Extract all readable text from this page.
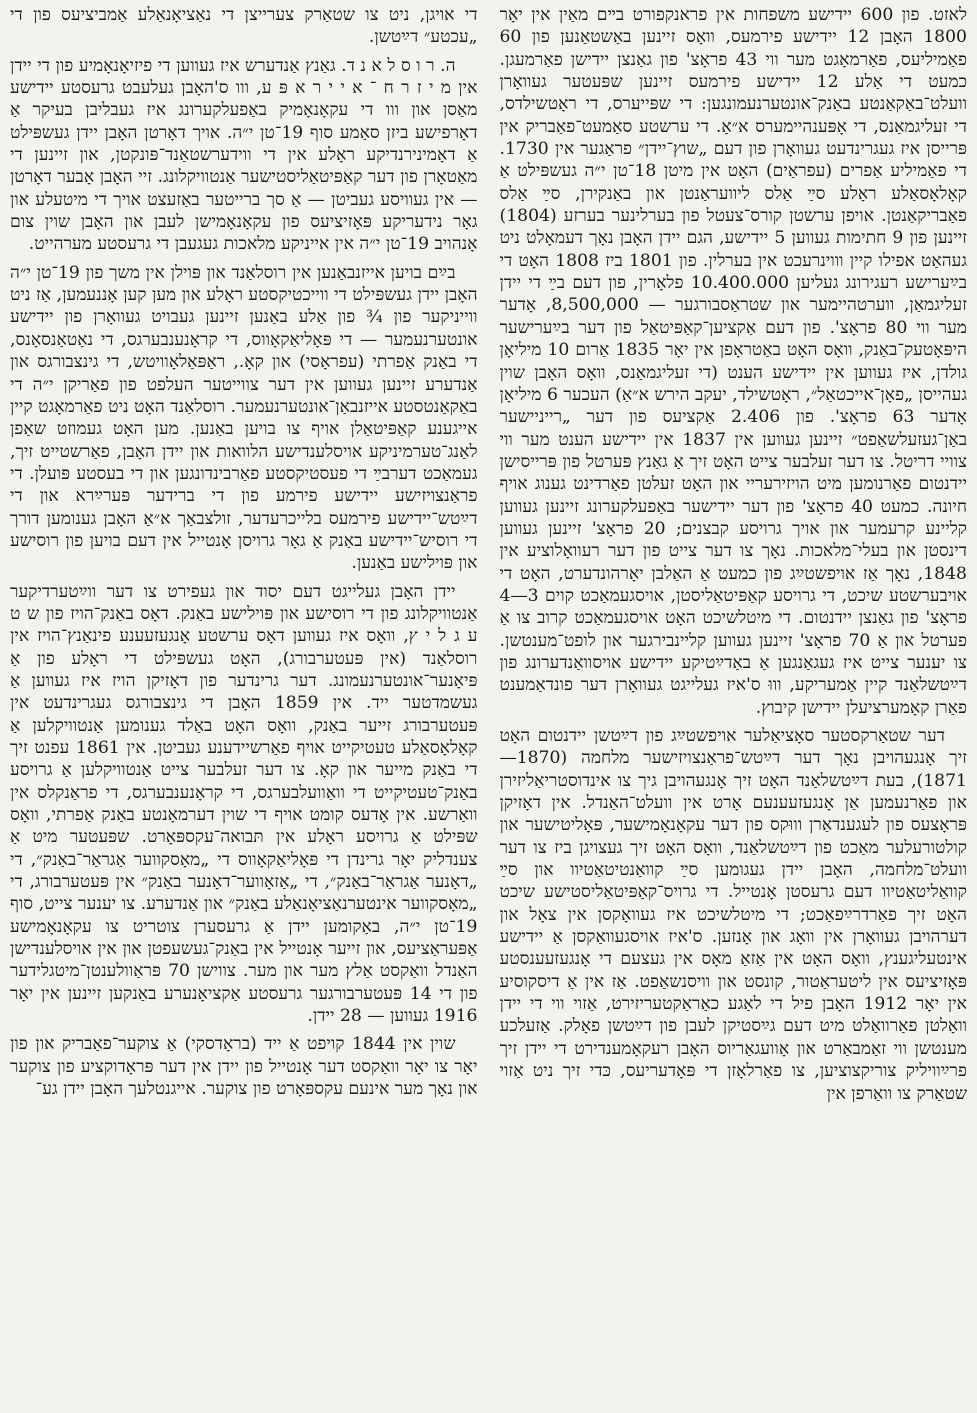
לאזט. פון 600 יידישע משפחות אין פראנקפורט בײם מאַין אין יאָר 1800 האָבן 12 יידישע פירמעס, וואָס זיינען באַשטאַנען פון 60 פאַמיליעס, פאַרמאָגט מער ווי 43 פראָצ' פון גאַנצן יידישן פאַרמעגן. כמעט די אַלע 12 יידישע פירמעס זיינען שפּעטער געוואָרן וועלט־באַקאַנטע באַנק־אונטערנעמונגען: די שפּייערס, די ראָטשילדס, די זעליגמאַנס, די אָפּענהיימערס א״אַ. די ערשטע סאַמעט־פאַבריק אין פּרייסן איז געגרינדעט געוואָרן פון דעם „שוץ־יידן״ פראַגער אין 1730. די פאַמיליע אַפרים (עפראַים) האָט אין מיטן 18־טן י״ה געשפּילט אַ קאָלאָסאַלע ראָלע סײַ אַלס ליוועראַנטן און באַנקירן, סײַ אַלס פאַבריקאַנטן. אויפן ערשטן קורס־צעטל פון בערלינער בערזע (1804) זיינען פון 9 חתימות געווען 5 יידישע, הגם יידן האָבן נאָך דעמאָלט ניט געהאַט אפילו קיין וווינרעכט אין בערלין. פון 1801 ביז 1808 האָט די בײַערישע רעגירונג געליען 10.400.000 פלאָרין, פון דעם בײַ די יידן זעליגמאַן, ווערטהיימער און שטראַסבורגער — 8,500,000, אָדער מער ווי 80 פראָצ'. פון דעם אַקציען־קאַפּיטאַל פון דער בײַערישער היפּאָטעק־באַנק, וואָס האָט באַטראָפן אין יאָר 1835 אַרום 10 מיליאָן גולדן, איז געווען אין יידישע הענט (די זעליגמאַנס, וואָס האָבן שוין געהייסן „פאָן־אייכטאַל״, ראָטשילד, יעקב הירש א״אַ) העכער 6 מיליאָן אָדער 63 פראָצ'. פון 2.406 אַקציעס פון דער „רייניישער באַן־געזעלשאַפט״ זיינען געווען אין 1837 אין יידישע הענט מער ווי צוויי דריטל. צו דער זעלבער צייט האָט זיך אַ גאַנץ פּערטל פון פּרייסישן יידנטום פאַרנומען מיט הויזירעריי און האָט זעלטן פאַרדינט גענוג אויף חיונה. כמעט 40 פראָצ' פון דער יידישער באַפעלקערונג זיינען געווען קליינע קרעמער און אויך גרויסע קבצנים; 20 פראָצ' זיינען געווען דינסטן און בעלי־מלאכות. נאָך צו דער צייט פון דער רעוואָלוציע אין 1848, נאָך אַז אויפשטײַג פון כמעט אַ האַלבן יאָרהונדערט, האָט די אויבערשטע שיכט, די גרויסע קאַפּיטאַליסטן, אויסגעמאַכט קוים 3—4 פראָצ' פון גאַנצן יידנטום. די מיטלשיכט האָט אויסגעמאַכט קרוב צו אַ פערטל און אַ 70 פראָצ' זיינען געווען קליינבירגער און לופט־מענטשן. צו יענער צייט איז געגאַנגען אַ באַדײַטיקע יידישע אויסוואַנדערונג פון דײַטשלאַנד קיין אַמעריקע, וווּ ס'איז געלייגט געוואָרן דער פונדאַמענט פאַרן קאָמערציעלן יידישן קיבוץ.

דער שטאַרקסטער סאָציאַלער אויפשטײַג פון דײַטשן יידנטום האָט זיך אָנגעהויבן נאָך דער דײַטש־פראַנצויזישער מלחמה (1870—1871), בעת דײַטשלאַנד האָט זיך אָנגעהויבן גיך צו אינדוסטריאַליזירן און פאַרנעמען אַן אָנגעזעענעם אָרט אין וועלט־האַנדל. אין דאָזיקן פּראָצעס פון לעגענדאַרן וווּקס פון דער עקאָנאָמישער, פּאָליטישער און קולטורעלער מאַכט פון דײַטשלאַנד, וואָס האָט זיך געצויגן ביז צו דער וועלט־מלחמה, האָבן יידן געגומען סײַ קוואַנטיטאַטיוו און סײַ קוואַליטאַטיוו דעם גרעסטן אָנטייל. די גרויס־קאַפּיטאַליסטישע שיכט האָט זיך פאַרדרײַפאַכט; די מיטלשיכט איז געוואָקסן אין צאָל און דערהויבן געוואָרן אין וואָג און אָנזען. ס'איז אויסגעוואַקסן אַ יידישע אינטעליגענץ, וואָס האָט אין אַזאַ מאָס אין געצעם די אָנגעזעענסטע פּאָזיציעס אין ליטעראַטור, קונסט און וויסנשאַפט. אַז אין אַ דיסקוסיע אין יאָר 1912 האָבן פיל די לאַגע כאַראַקטעריזירט, אַזוי ווי די יידן וואָלטן פאַרוואַלט מיט דעם גײַסטיקן לעבן פון דײַטשן פאָלק. אַזעלכע מענטשן ווי זאַמבאַרט און אָוועגאַריוס האָבן רעקאָמענדירט די יידן זיך פרײַוויליק צוריקצוציען, צו פאַרלאָזן די פּאָדעריעס, כּדי זיך ניט אַזוי שטאַרק צו וואַרפן אין

די אויגן, ניט צו שטאַרק צערייצן די נאַציאָנאַלע אַמביציעס פון די „עכטע״ דײַטשן.

ה. ר ו ס ל א נ ד. גאַנץ אַנדערש איז געווען די פיזיאָנאָמיע פון די יידן אין מ י ז ר ח ־ א י י ר א פּ ע, ווו ס'האָבן געלעבט גרעסטע יידישע מאַסן און ווו די עקאָנאָמיק באַפעלקערונג איז געבליבן בעיקר אַ דאָרפישע ביזן סאַמע סוף 19־טן י״ה. אויך דאָרטן האָבן יידן געשפּילט אַ דאָמינירנדיקע ראָלע אין די ווידערשטאַנד־פּונקטן, און זיינען די מאַטאָרן פון דער קאַפּיטאַליסטישער אַנטוויקלונג. זיי האָבן אָבער דאָרטן — אין געוויסע געביטן — אַ סך ברייטער באַזעצט אויך די מיטעלע און גאָר נידעריקע פּאָזיציעס פון עקאָנאָמישן לעבן און האָבן שוין צום אָנהויב 19־טן י״ה אין אייניקע מלאכות געגעבן די גרעסטע מערהייט.

בײַם בויען אייזנבאַנען אין רוסלאַנד און פּוילן אין משך פון 19־טן י״ה האָבן יידן געשפּילט די ווייכטיקסטע ראָלע און מען קען אָננעמען, אַז ניט ווייניקער פון ¾ פון אַלע באַנען זיינען געבויט געוואָרן פון יידישע אונטערנעמער — די פּאָליאַקאָווס, די קראָנענבערגס, די נאַטאַנסאָנס, די באַנק אַפרתי (עפראָסי) און קאָ., ראַפּאַלאָוויטש, די גינצבורגס און אַנדערע זיינען געווען אין דער צווייטער העלפט פון פאַריקן י״ה די באַקאַנטסטע אייזנבאַן־אונטערנעמער. רוסלאַנד האָט ניט פאַרמאָגט קיין אייגענע קאַפּיטאַלן אויף צו בויען באַנען. מען האָט געמוזט שאַפן לאַנג־טערמיניקע אויסלענדישע הלוואות און יידן האָבן, פאַרשטייט זיך, געמאַכט דערבײַ די פעסטיקסטע פאַרבינדונגען און די בעסטע פּועלן. די פראַנצויזישע יידישע פירמע פון די ברידער פּערײַרא און די דײַטש־יידישע פירמעס בלייכרעדער, זולצבאַך א״אַ האָבן גענומען דורך די רוסיש־יידישע באַנק אַ גאָר גרויסן אָנטייל אין דעם בויען פון רוסישע און פּוילישע באַנען.

יידן האָבן געלייגט דעם יסוד און געפירט צו דער ווײַטערדיקער אַנטוויקלונג פון די רוסישע און פּוילישע באַנק. דאָס באַנק־הויז פון ש ט ע ג ל י ץ, וואָס איז געווען דאָס ערשטע אָנגעזעענע פינאַנץ־הויז אין רוסלאַנד (אין פּעטערבורג), האָט געשפּילט די ראָלע פון אַ פּיאָנער־אונטערנעמונג. דער גרינדער פון דאָזיקן הויז איז געווען אַ געשמדטער ייד. אין 1859 האָבן די גינצבורגס געגרינדעט אין פּעטערבורג זייער באַנק, וואָס האָט באַלד גענומען אַנטוויקלען אַ קאָלאָסאַלע טעטיקייט אויף פאַרשיידענע געביטן. אין 1861 עפנט זיך די באַנק מייער און קאָ. צו דער זעלבער צייט אַנטוויקלען אַ גרויסע באַנק־טעטיקייט די וואַוועלבערגס, די קראָנענבערגס, די פראַנקלס אין וואַרשע. אין אָדעס קומט אויף די שוין דערמאָנטע באַנק אַפרתי, וואָס שפּילט אַ גרויסע ראָלע אין תּבואה־עקספּאָרט. שפּעטער מיט אַ צענדליק יאָר גרינדן די פּאָליאַקאָווס די „מאָסקווער אַגראַר־באַנק״, די „דאָנער אַגראַר־באַנק״, די „אַזאָווער־דאָנער באַנק״ אין פּעטערבורג, די „מאָסקווער אינטערנאַציאָנאַלע באַנק״ און אַנדערע. צו יענער צייט, סוף 19־טן י״ה, באַקומען יידן אַ גרעסערן צוטריט צו עקאָנאָמישע אַפּעראַציעס, און זייער אָנטייל אין באַנק־געשעפטן און אין אויסלענדישן האַנדל וואַקסט אַלץ מער און מער. צווישן 70 פּראַוולענטן־מיטגלידער פון די 14 פּעטערבורגער גרעסטע אַקציאָנערע באַנקען זיינען אין יאָר 1916 געווען — 28 יידן.

שוין אין 1844 קויפט אַ ייד (בראָדסקי) אַ צוקער־פאַבריק און פון יאָר צו יאָר וואַקסט דער אָנטייל פון יידן אין דער פּראָדוקציע פון צוקער און נאָך מער אינעם עקספּאָרט פון צוקער. אייגנטלעך האָבן יידן גע־
